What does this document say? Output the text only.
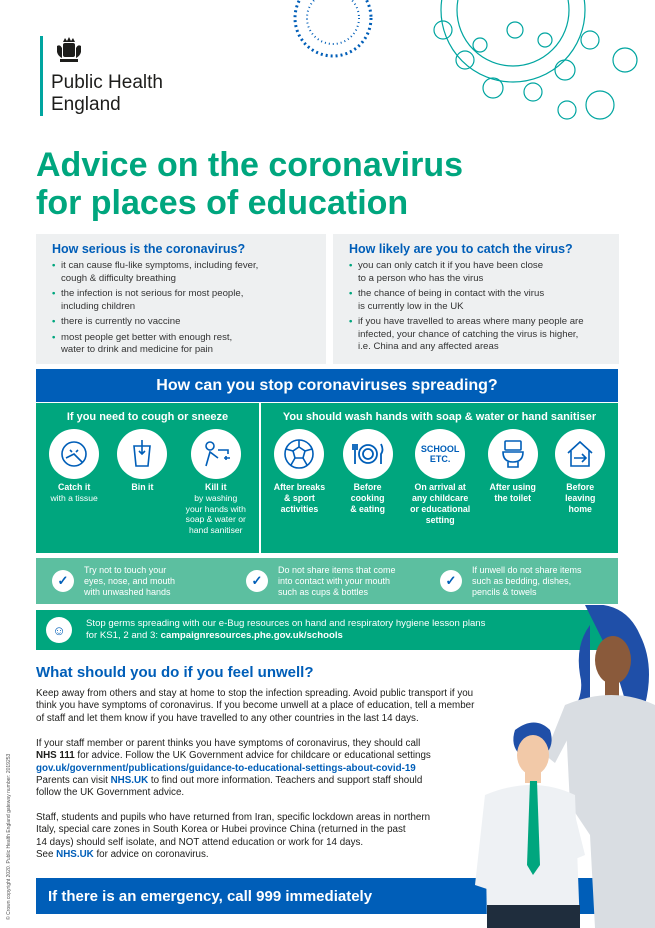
Public Health
England
Advice on the coronavirus
for places of education
How serious is the coronavirus?
• it can cause flu-like symptoms, including fever,
cough & difficulty breathing
• the infection is not serious for most people,
including children
• there is currently no vaccine
• most people get better with enough rest,
water to drink and medicine for pain
How likely are you to catch the virus?
• you can only catch it if you have been close
to a person who has the virus
• the chance of being in contact with the virus
is currently low in the UK
• if you have travelled to areas where many people are
infected, your chance of catching the virus is higher,
i.e. China and any affected areas
How can you stop coronaviruses spreading?
If you need to cough or sneeze
Catch it
with a tissue
Bin it	Kill it
by washing
your hands with
soap & water or
hand sanitiser
You should wash hands with soap & water or hand sanitiser
After breaks
& sport
activities
Before
cooking
& eating
SCHOOL
ETC.
On arrival at
any childcare
or educational
setting
After using
the toilet
Before
leaving
home
✓
Try not to touch your
eyes, nose, and mouth
with unwashed hands
✓
Do not share items that come
into contact with your mouth
such as cups & bottles
✓
If unwell do not share items
such as bedding, dishes,
pencils & towels
☺	Stop germs spreading with our e-Bug resources on hand and respiratory hygiene lesson plans
for KS1, 2 and 3: campaignresources.phe.gov.uk/schools
What should you do if you feel unwell?
Keep away from others and stay at home to stop the infection spreading. Avoid public transport if you
think you have symptoms of coronavirus. If you become unwell at a place of education, tell a member
of staff and let them know if you have travelled to any other countries in the last 14 days.
If your staff member or parent thinks you have symptoms of coronavirus, they should call
NHS 111 for advice. Follow the UK Government advice for childcare or educational settings
gov.uk/government/publications/guidance-to-educational-settings-about-covid-19
Parents can visit NHS.UK to find out more information. Teachers and support staff should
follow the UK Government advice.
Staff, students and pupils who have returned from Iran, specific lockdown areas in northern
Italy, special care zones in South Korea or Hubei province China (returned in the past
14 days) should self isolate, and NOT attend education or work for 14 days.
See NHS.UK for advice on coronavirus.
If there is an emergency, call 999 immediately
© Crown copyright 2020. Public Health England gateway number: 2019253
